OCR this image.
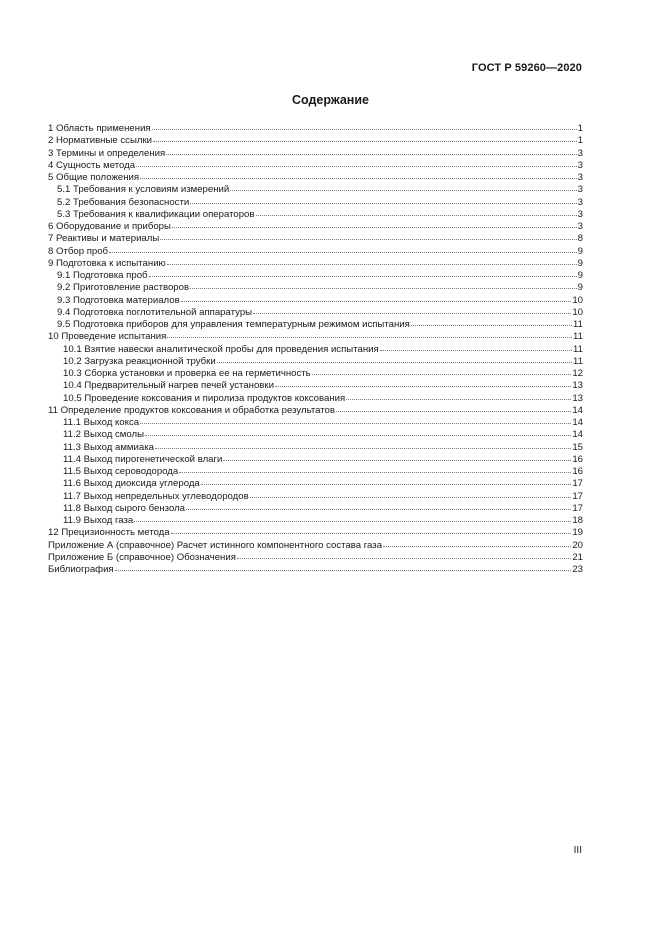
ГОСТ Р 59260—2020
Содержание
1 Область применения	1
2 Нормативные ссылки	1
3 Термины и определения	3
4 Сущность метода	3
5 Общие положения	3
5.1 Требования к условиям измерений	3
5.2 Требования безопасности	3
5.3 Требования к квалификации операторов	3
6 Оборудование и приборы	3
7 Реактивы и материалы	8
8 Отбор проб	9
9 Подготовка к испытанию	9
9.1 Подготовка проб	9
9.2 Приготовление растворов	9
9.3 Подготовка материалов	10
9.4 Подготовка поглотительной аппаратуры	10
9.5 Подготовка приборов для управления температурным режимом испытания	11
10 Проведение испытания	11
10.1 Взятие навески аналитической пробы для проведения испытания	11
10.2 Загрузка реакционной трубки	11
10.3 Сборка установки и проверка ее на герметичность	12
10.4 Предварительный нагрев печей установки	13
10.5 Проведение коксования и пиролиза продуктов коксования	13
11 Определение продуктов коксования и обработка результатов	14
11.1 Выход кокса	14
11.2 Выход смолы	14
11.3 Выход аммиака	15
11.4 Выход пирогенетической влаги	16
11.5 Выход сероводорода	16
11.6 Выход диоксида углерода	17
11.7 Выход непредельных углеводородов	17
11.8 Выход сырого бензола	17
11.9 Выход газа	18
12 Прецизионность метода	19
Приложение А (справочное) Расчет истинного компонентного состава газа	20
Приложение Б (справочное) Обозначения	21
Библиография	23
III
